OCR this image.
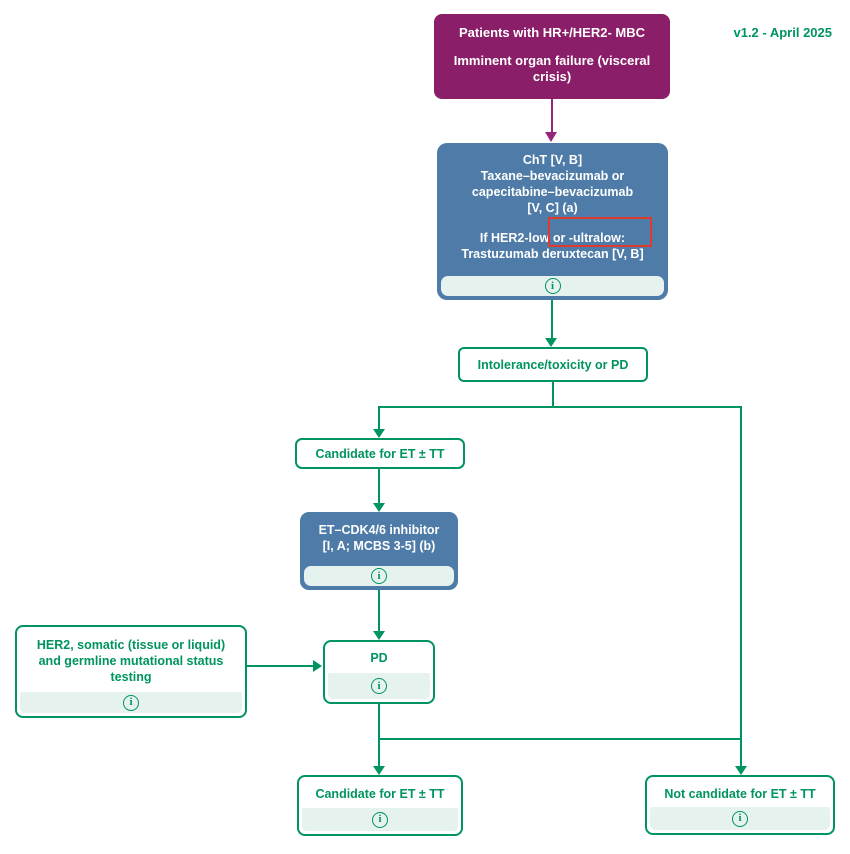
v1.2 - April 2025
Patients with HR+/HER2- MBC
Imminent organ failure (visceral
crisis)
ChT [V, B]
Taxane–bevacizumab or
capecitabine–bevacizumab
[V, C] (a)
If HER2-low or -ultralow:
Trastuzumab deruxtecan [V, B]
i
Intolerance/toxicity or PD
Candidate for ET ± TT
ET–CDK4/6 inhibitor
[I, A; MCBS 3-5] (b)
i
HER2, somatic (tissue or liquid)
and germline mutational status
testing
i
PD
i
Candidate for ET ± TT
i
Not candidate for ET ± TT
i
